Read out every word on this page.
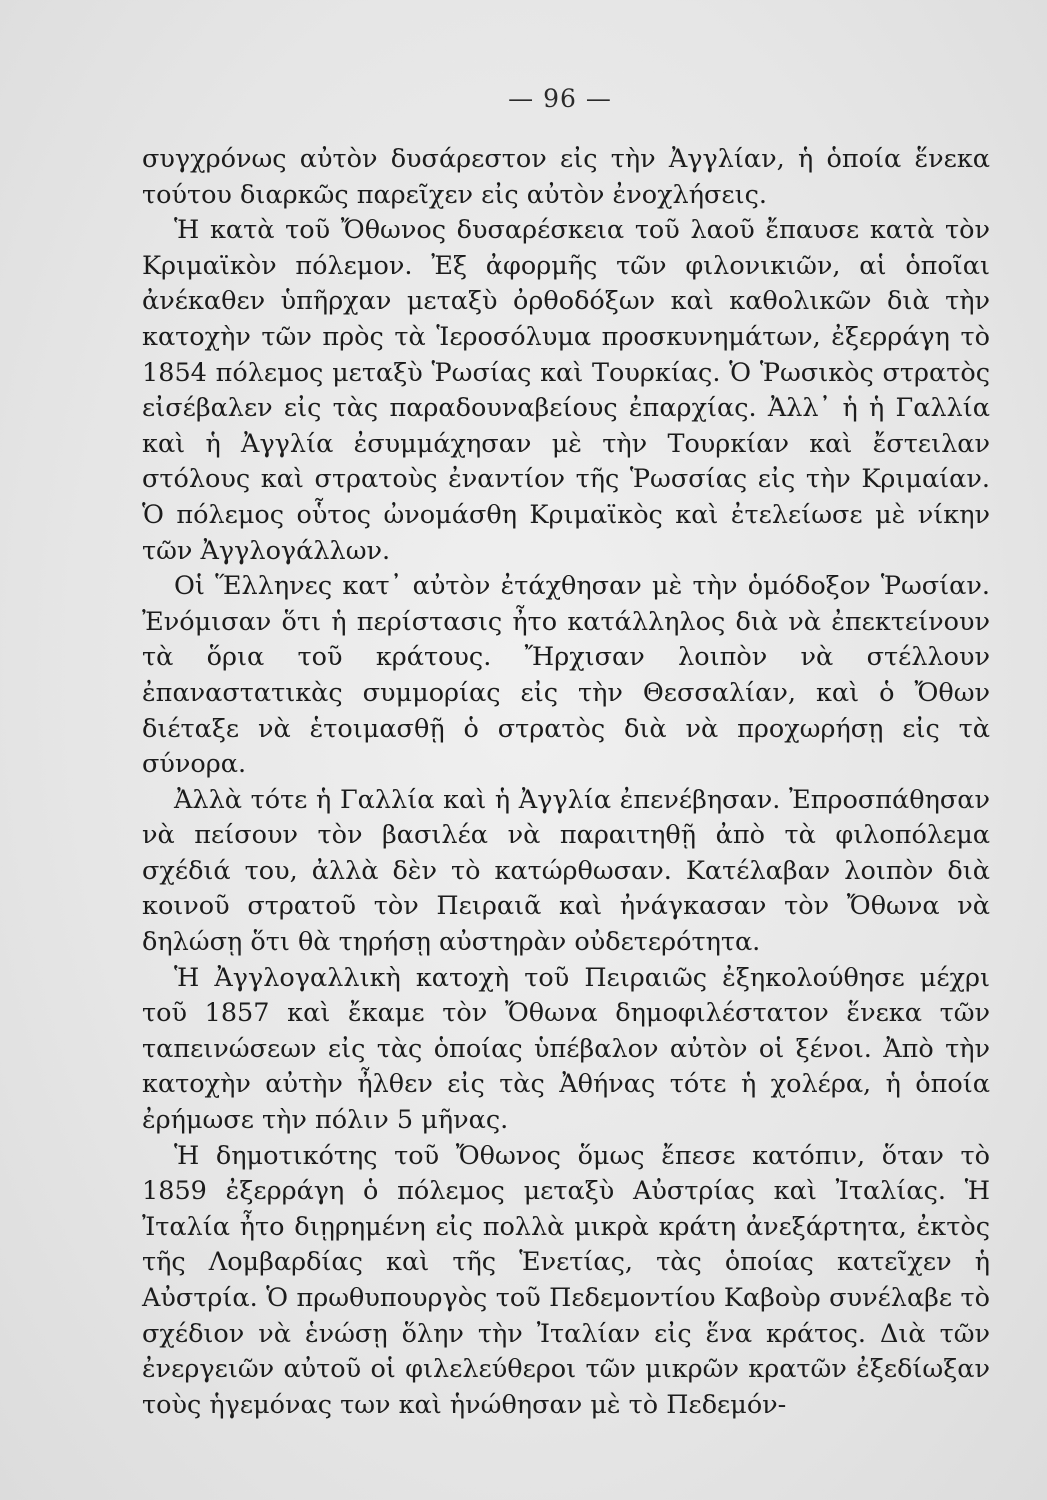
— 96 —

συγχρόνως αὐτὸν δυσάρεστον εἰς τὴν Ἀγγλίαν, ἡ ὁποία ἕνεκα τούτου διαρκῶς παρεῖχεν εἰς αὐτὸν ἐνοχλήσεις.

Ἡ κατὰ τοῦ Ὄθωνος δυσαρέσκεια τοῦ λαοῦ ἔπαυσε κατὰ τὸν Κριμαϊκὸν πόλεμον. Ἐξ ἀφορμῆς τῶν φιλονικιῶν, αἱ ὁποῖαι ἀνέκαθεν ὑπῆρχαν μεταξὺ ὀρθοδόξων καὶ καθολικῶν διὰ τὴν κατοχὴν τῶν πρὸς τὰ Ἱεροσόλυμα προσκυνημάτων, ἐξερράγη τὸ 1854 πόλεμος μεταξὺ Ῥωσίας καὶ Τουρκίας. Ὁ Ῥωσικὸς στρατὸς εἰσέβαλεν εἰς τὰς παραδουναβείους ἐπαρχίας. Ἀλλ᾽ ἡ ἡ Γαλλία καὶ ἡ Ἀγγλία ἐσυμμάχησαν μὲ τὴν Τουρκίαν καὶ ἔστειλαν στόλους καὶ στρατοὺς ἐναντίον τῆς Ῥωσσίας εἰς τὴν Κριμαίαν. Ὁ πόλεμος οὗτος ὠνομάσθη Κριμαϊκὸς καὶ ἐτελείωσε μὲ νίκην τῶν Ἀγγλογάλλων.

Οἱ Ἕλληνες κατ᾽ αὐτὸν ἐτάχθησαν μὲ τὴν ὁμόδοξον Ῥωσίαν. Ἐνόμισαν ὅτι ἡ περίστασις ἦτο κατάλληλος διὰ νὰ ἐπεκτείνουν τὰ ὅρια τοῦ κράτους. Ἤρχισαν λοιπὸν νὰ στέλλουν ἐπαναστατικὰς συμμορίας εἰς τὴν Θεσσαλίαν, καὶ ὁ Ὄθων διέταξε νὰ ἑτοιμασθῇ ὁ στρατὸς διὰ νὰ προχωρήσῃ εἰς τὰ σύνορα.

Ἀλλὰ τότε ἡ Γαλλία καὶ ἡ Ἀγγλία ἐπενέβησαν. Ἐπροσπάθησαν νὰ πείσουν τὸν βασιλέα νὰ παραιτηθῇ ἀπὸ τὰ φιλοπόλεμα σχέδιά του, ἀλλὰ δὲν τὸ κατώρθωσαν. Κατέλαβαν λοιπὸν διὰ κοινοῦ στρατοῦ τὸν Πειραιᾶ καὶ ἠνάγκασαν τὸν Ὄθωνα νὰ δηλώσῃ ὅτι θὰ τηρήσῃ αὐστηρὰν οὐδετερότητα.

Ἡ Ἀγγλογαλλικὴ κατοχὴ τοῦ Πειραιῶς ἐξηκολούθησε μέχρι τοῦ 1857 καὶ ἔκαμε τὸν Ὄθωνα δημοφιλέστατον ἕνεκα τῶν ταπεινώσεων εἰς τὰς ὁποίας ὑπέβαλον αὐτὸν οἱ ξένοι. Ἀπὸ τὴν κατοχὴν αὐτὴν ἦλθεν εἰς τὰς Ἀθήνας τότε ἡ χολέρα, ἡ ὁποία ἐρήμωσε τὴν πόλιν 5 μῆνας.

Ἡ δημοτικότης τοῦ Ὄθωνος ὅμως ἔπεσε κατόπιν, ὅταν τὸ 1859 ἐξερράγη ὁ πόλεμος μεταξὺ Αὐστρίας καὶ Ἰταλίας. Ἡ Ἰταλία ἦτο διῃρημένη εἰς πολλὰ μικρὰ κράτη ἀνεξάρτητα, ἐκτὸς τῆς Λομβαρδίας καὶ τῆς Ἑνετίας, τὰς ὁποίας κατεῖχεν ἡ Αὐστρία. Ὁ πρωθυπουργὸς τοῦ Πεδεμοντίου Καβοὺρ συνέλαβε τὸ σχέδιον νὰ ἑνώσῃ ὅλην τὴν Ἰταλίαν εἰς ἕνα κράτος. Διὰ τῶν ἐνεργειῶν αὐτοῦ οἱ φιλελεύθεροι τῶν μικρῶν κρατῶν ἐξεδίωξαν τοὺς ἡγεμόνας των καὶ ἡνώθησαν μὲ τὸ Πεδεμόν-
